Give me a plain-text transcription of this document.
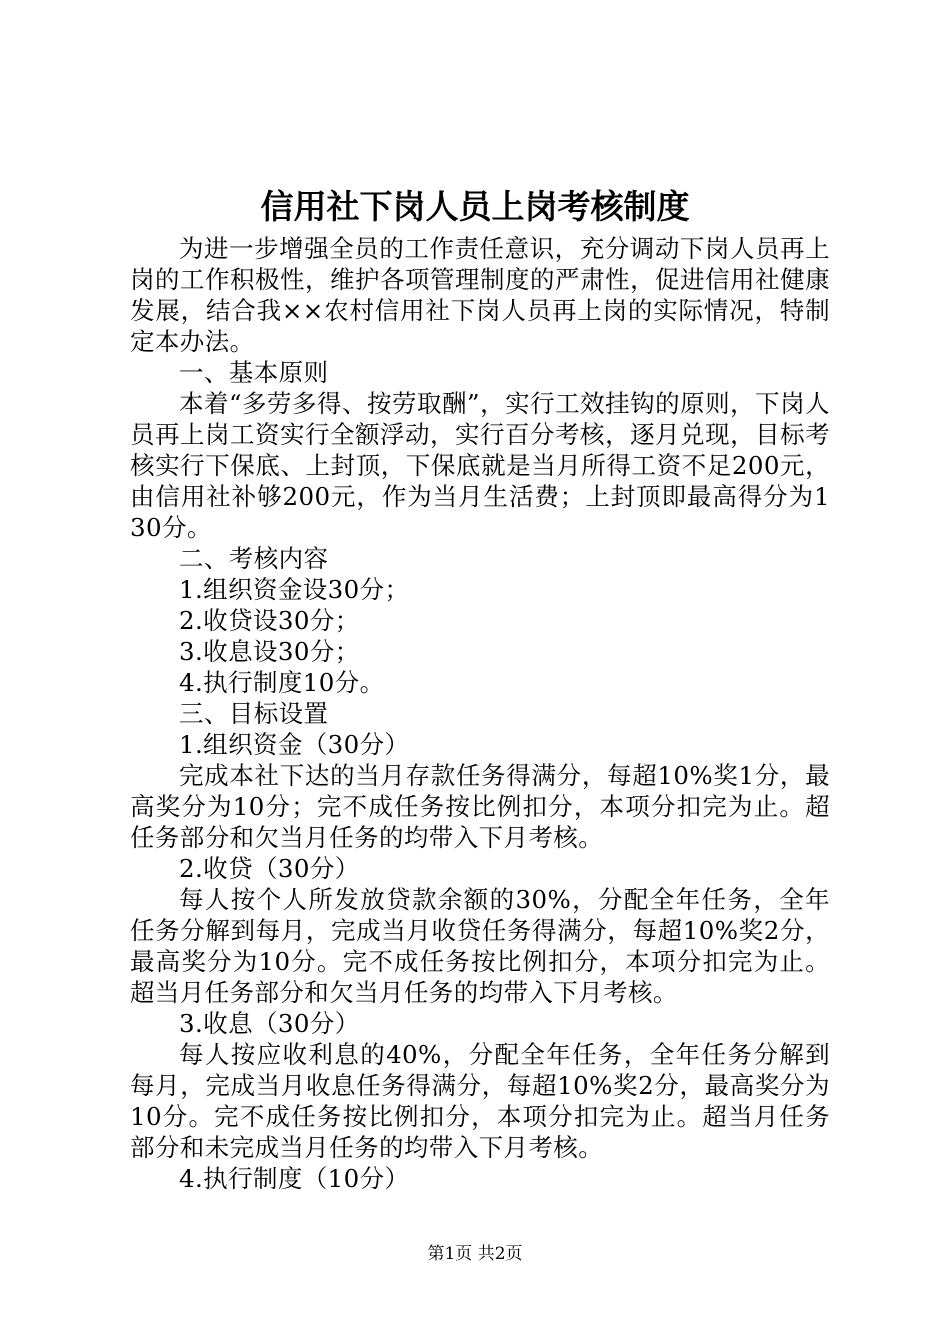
信用社下岗人员上岗考核制度

为进一步增强全员的工作责任意识，充分调动下岗人员再上岗的工作积极性，维护各项管理制度的严肃性，促进信用社健康发展，结合我××农村信用社下岗人员再上岗的实际情况，特制定本办法。

一、基本原则

本着“多劳多得、按劳取酬”，实行工效挂钩的原则，下岗人员再上岗工资实行全额浮动，实行百分考核，逐月兑现，目标考核实行下保底、上封顶，下保底就是当月所得工资不足200元，由信用社补够200元，作为当月生活费；上封顶即最高得分为130分。

二、考核内容

1.组织资金设30分；

2.收贷设30分；

3.收息设30分；

4.执行制度10分。

三、目标设置

1.组织资金（30分）

完成本社下达的当月存款任务得满分，每超10%奖1分，最高奖分为10分；完不成任务按比例扣分，本项分扣完为止。超任务部分和欠当月任务的均带入下月考核。

2.收贷（30分）

每人按个人所发放贷款余额的30%，分配全年任务，全年任务分解到每月，完成当月收贷任务得满分，每超10%奖2分，最高奖分为10分。完不成任务按比例扣分，本项分扣完为止。超当月任务部分和欠当月任务的均带入下月考核。

3.收息（30分）

每人按应收利息的40%，分配全年任务，全年任务分解到每月，完成当月收息任务得满分，每超10%奖2分，最高奖分为10分。完不成任务按比例扣分，本项分扣完为止。超当月任务部分和未完成当月任务的均带入下月考核。

4.执行制度（10分）

第1页 共2页
